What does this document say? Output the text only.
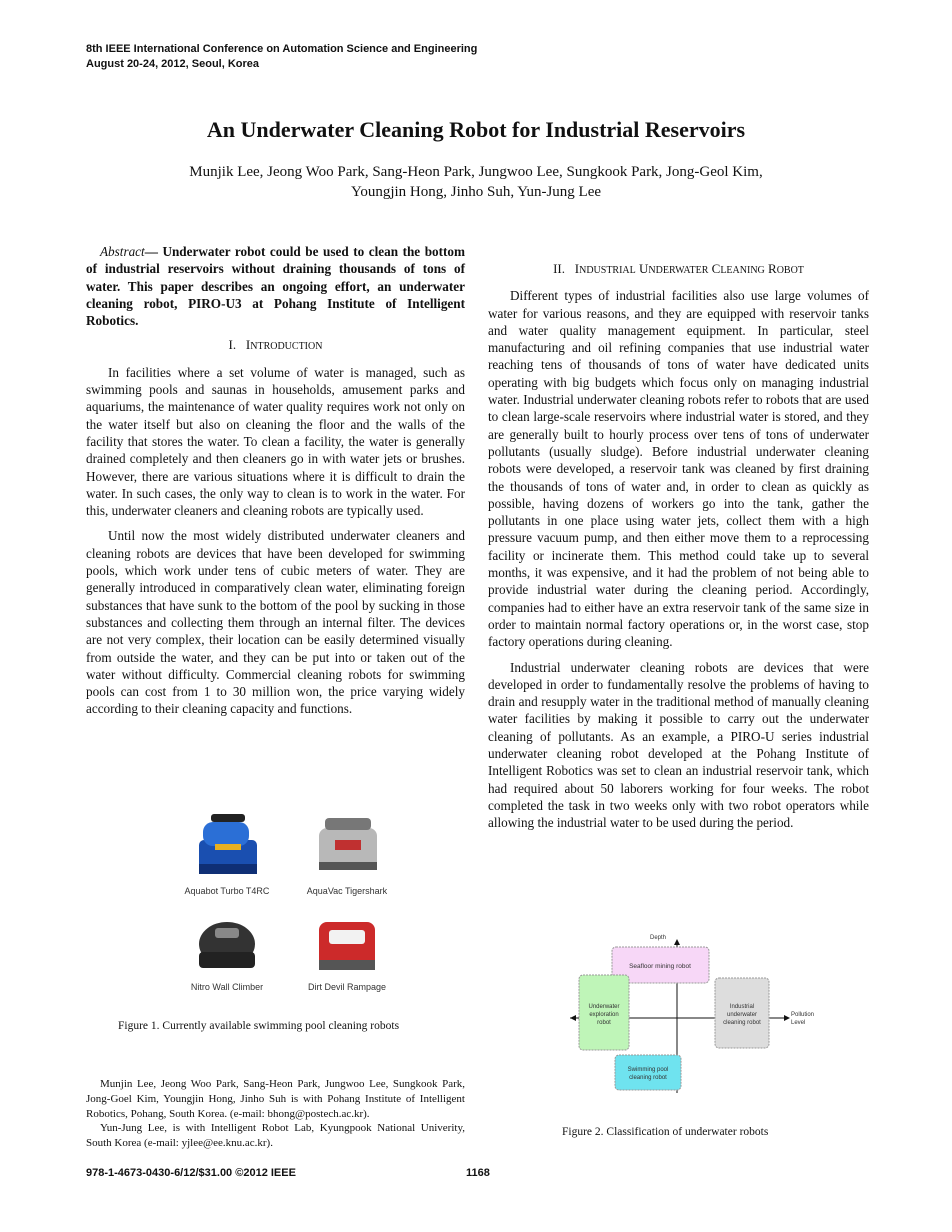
8th IEEE International Conference on Automation Science and Engineering
August 20-24, 2012, Seoul, Korea
An Underwater Cleaning Robot for Industrial Reservoirs
Munjik Lee, Jeong Woo Park, Sang-Heon Park, Jungwoo Lee, Sungkook Park, Jong-Geol Kim,
Youngjin Hong, Jinho Suh, Yun-Jung Lee

Abstract— Underwater robot could be used to clean the bottom of industrial reservoirs without draining thousands of tons of water. This paper describes an ongoing effort, an underwater cleaning robot, PIRO-U3 at Pohang Institute of Intelligent Robotics.

I. INTRODUCTION

In facilities where a set volume of water is managed, such as swimming pools and saunas in households, amusement parks and aquariums, the maintenance of water quality requires work not only on the water itself but also on cleaning the floor and the walls of the facility that stores the water. To clean a facility, the water is generally drained completely and then cleaners go in with water jets or brushes. However, there are various situations where it is difficult to drain the water. In such cases, the only way to clean is to work in the water. For this, underwater cleaners and cleaning robots are typically used.

Until now the most widely distributed underwater cleaners and cleaning robots are devices that have been developed for swimming pools, which work under tens of cubic meters of water. They are generally introduced in comparatively clean water, eliminating foreign substances that have sunk to the bottom of the pool by sucking in those substances and collecting them through an internal filter. The devices are not very complex, their location can be easily determined visually from outside the water, and they can be put into or taken out of the water without difficulty. Commercial cleaning robots for swimming pools can cost from 1 to 30 million won, the price varying widely according to their cleaning capacity and functions.

Aquabot Turbo T4RC	AquaVac Tigershark
Nitro Wall Climber	Dirt Devil Rampage
Figure 1. Currently available swimming pool cleaning robots

Munjin Lee, Jeong Woo Park, Sang-Heon Park, Jungwoo Lee, Sungkook Park, Jong-Goel Kim, Youngjin Hong, Jinho Suh is with Pohang Institute of Intelligent Robotics, Pohang, South Korea. (e-mail: bhong@postech.ac.kr).

Yun-Jung Lee, is with Intelligent Robot Lab, Kyungpook National Univerity, South Korea (e-mail: yjlee@ee.knu.ac.kr).

II. INDUSTRIAL UNDERWATER CLEANING ROBOT

Different types of industrial facilities also use large volumes of water for various reasons, and they are equipped with reservoir tanks and water quality management equipment. In particular, steel manufacturing and oil refining companies that use industrial water reaching tens of thousands of tons of water have dedicated units operating with big budgets which focus only on managing industrial water. Industrial underwater cleaning robots refer to robots that are used to clean large-scale reservoirs where industrial water is stored, and they are generally built to hourly process over tens of tons of underwater pollutants (usually sludge). Before industrial underwater cleaning robots were developed, a reservoir tank was cleaned by first draining the thousands of tons of water and, in order to clean as quickly as possible, having dozens of workers go into the tank, gather the pollutants in one place using water jets, collect them with a high pressure vacuum pump, and then either move them to a reprocessing facility or incinerate them. This method could take up to several months, it was expensive, and it had the problem of not being able to provide industrial water during the cleaning period. Accordingly, companies had to either have an extra reservoir tank of the same size in order to maintain normal factory operations or, in the worst case, stop factory operations during cleaning.

Industrial underwater cleaning robots are devices that were developed in order to fundamentally resolve the problems of having to drain and resupply water in the traditional method of manually cleaning water facilities by making it possible to carry out the underwater cleaning of pollutants. As an example, a PIRO-U series industrial underwater cleaning robot developed at the Pohang Institute of Intelligent Robotics was set to clean an industrial reservoir tank, which had required about 50 laborers working for four weeks. The robot completed the task in two weeks only with two robot operators while allowing the industrial water to be used during the period.

Depth
Pollution
Level
Seafloor mining robot
Underwater
exploration
robot
Industrial
underwater
cleaning robot
Swimming pool
cleaning robot
Figure 2. Classification of underwater robots
978-1-4673-0430-6/12/$31.00 ©2012 IEEE	1168
